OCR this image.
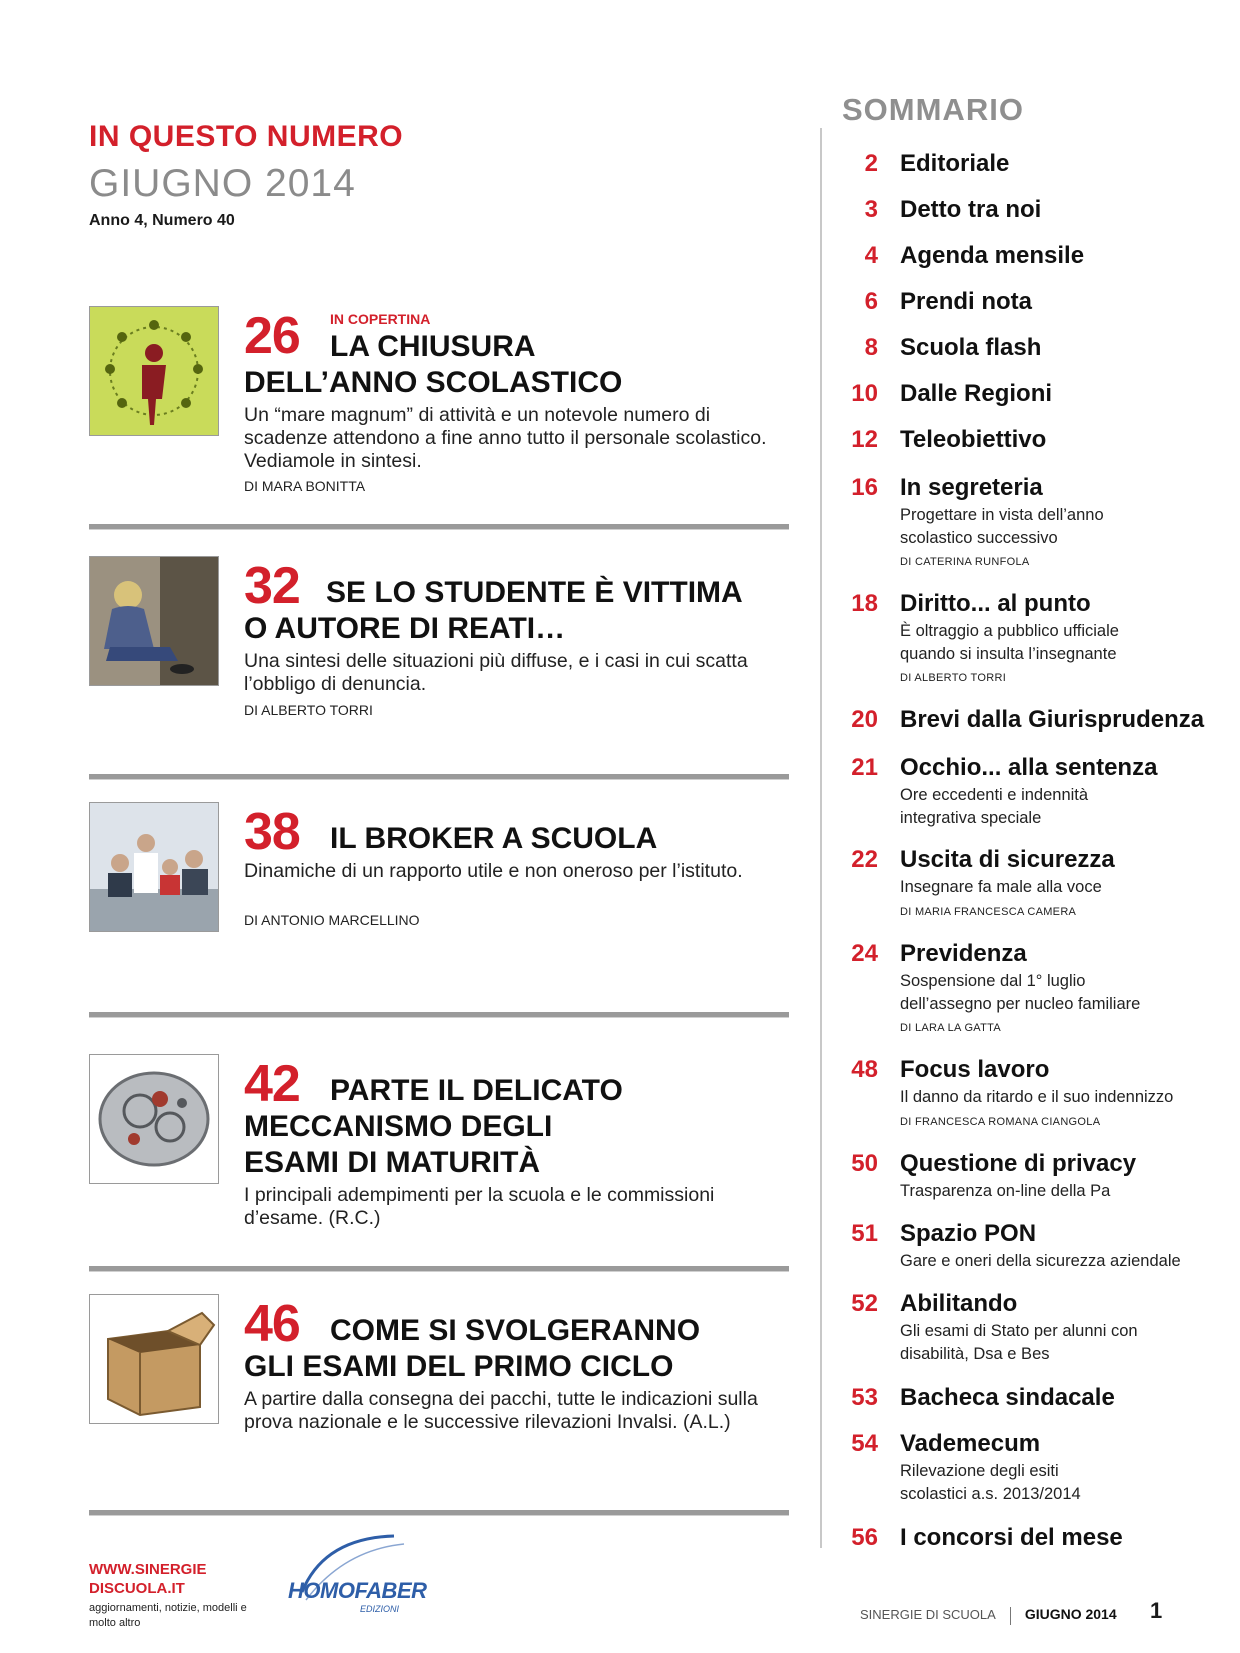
IN QUESTO NUMERO
GIUGNO 2014
Anno 4, Numero 40
26 IN COPERTINA
LA CHIUSURA
DELL’ANNO SCOLASTICO
Un “mare magnum” di attività e un notevole numero di scadenze attendono a fine anno tutto il personale scolastico. Vediamole in sintesi.
DI MARA BONITTA
32 SE LO STUDENTE È VITTIMA
O AUTORE DI REATI…
Una sintesi delle situazioni più diffuse, e i casi in cui scatta l’obbligo di denuncia.
DI ALBERTO TORRI
38	IL BROKER A SCUOLA
Dinamiche di un rapporto utile e non oneroso per l’istituto.
DI ANTONIO MARCELLINO
42	PARTE IL DELICATO
MECCANISMO DEGLI
ESAMI DI MATURITÀ
I principali adempimenti per la scuola e le commissioni d’esame. (R.C.)
46	COME SI SVOLGERANNO
GLI ESAMI DEL PRIMO CICLO
A partire dalla consegna dei pacchi, tutte le indicazioni sulla prova nazionale e le successive rilevazioni Invalsi. (A.L.)
SOMMARIO
2 Editoriale
3 Detto tra noi
4 Agenda mensile
6 Prendi nota
8 Scuola flash
10 Dalle Regioni
12 Teleobiettivo
16 In segreteria
Progettare in vista dell’anno scolastico successivo
DI CATERINA RUNFOLA
18 Diritto... al punto
È oltraggio a pubblico ufficiale quando si insulta l’insegnante
DI ALBERTO TORRI
20 Brevi dalla Giurisprudenza
21 Occhio... alla sentenza
Ore eccedenti e indennità integrativa speciale
22 Uscita di sicurezza
Insegnare fa male alla voce
DI MARIA FRANCESCA CAMERA
24 Previdenza
Sospensione dal 1° luglio dell’assegno per nucleo familiare
DI LARA LA GATTA
48 Focus lavoro
Il danno da ritardo e il suo indennizzo
DI FRANCESCA ROMANA CIANGOLA
50 Questione di privacy
Trasparenza on-line della Pa
51 Spazio PON
Gare e oneri della sicurezza aziendale
52 Abilitando
Gli esami di Stato per alunni con disabilità, Dsa e Bes
53 Bacheca sindacale
54 Vademecum
Rilevazione degli esiti scolastici a.s. 2013/2014
56 I concorsi del mese
WWW.SINERGIE
DISCUOLA.IT
aggiornamenti, notizie, modelli e molto altro
HOMOFABER
EDIZIONI	SINERGIE DI SCUOLA GIUGNO 2014 1
